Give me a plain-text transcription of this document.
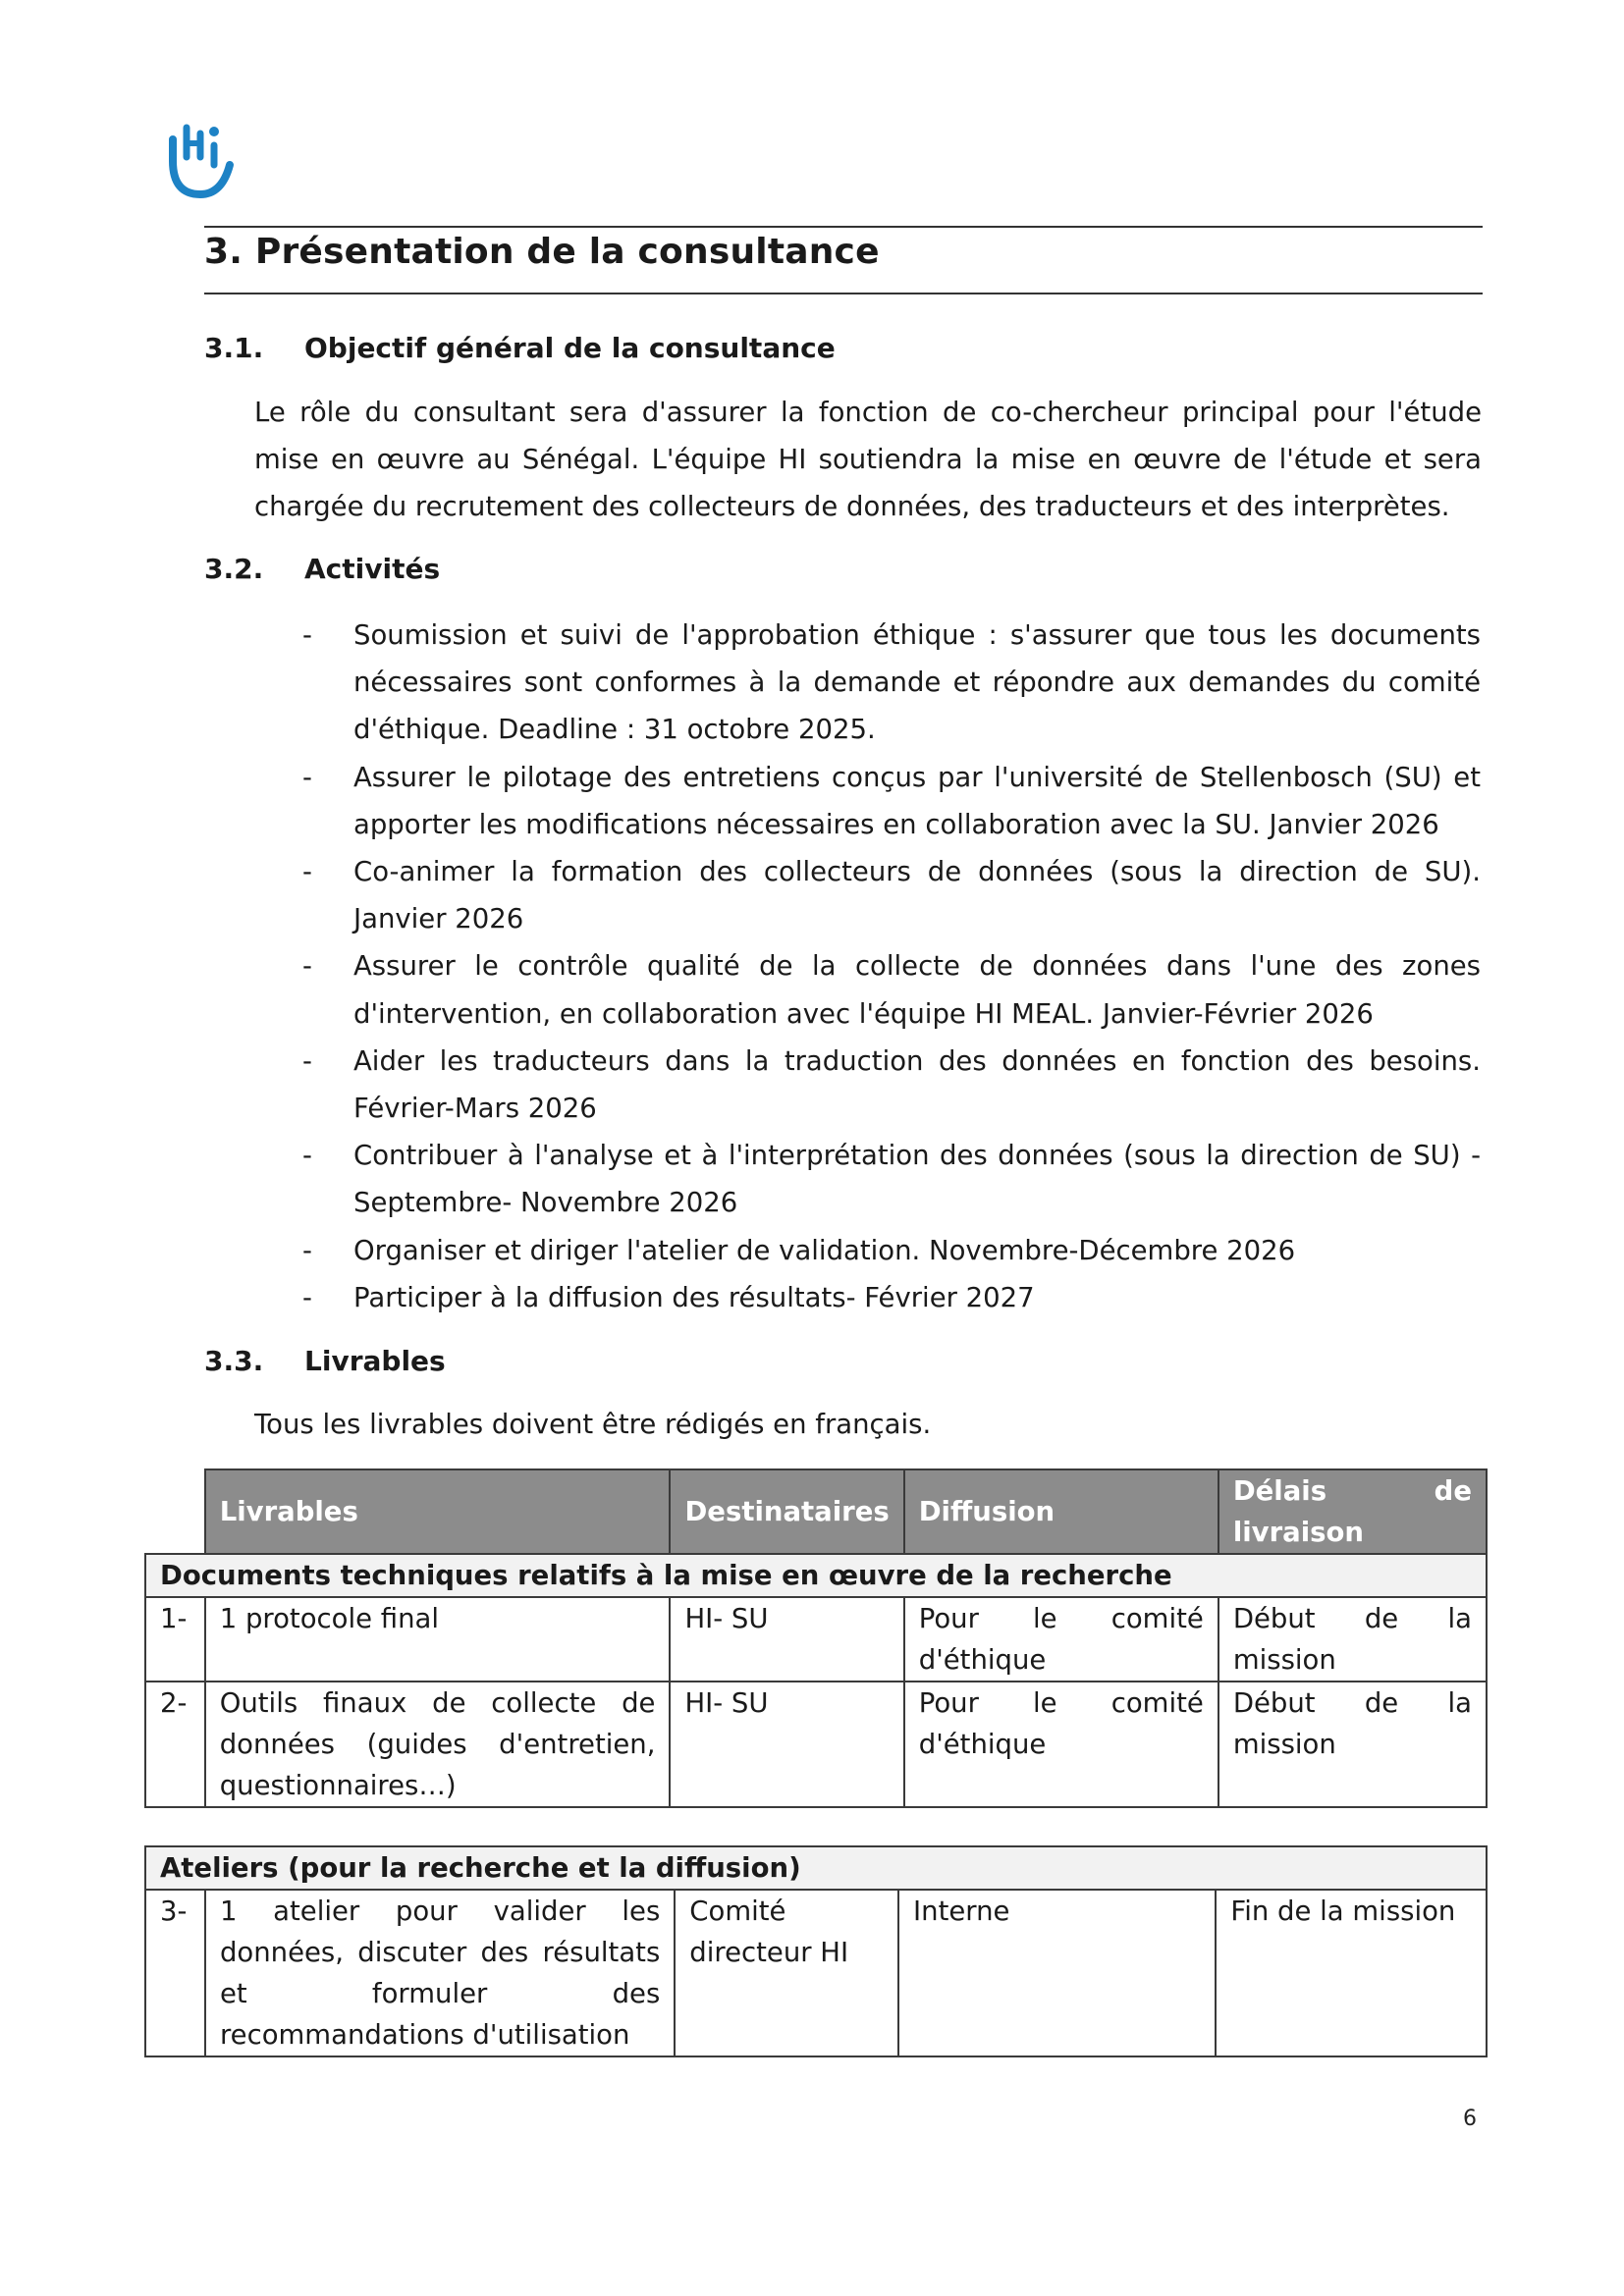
3. Présentation de la consultance
3.1. Objectif général de la consultance
Le rôle du consultant sera d'assurer la fonction de co-chercheur principal pour l'étude mise en œuvre au Sénégal. L'équipe HI soutiendra la mise en œuvre de l'étude et sera chargée du recrutement des collecteurs de données, des traducteurs et des interprètes.
3.2. Activités
- Soumission et suivi de l'approbation éthique : s'assurer que tous les documents nécessaires sont conformes à la demande et répondre aux demandes du comité d'éthique. Deadline : 31 octobre 2025.
- Assurer le pilotage des entretiens conçus par l'université de Stellenbosch (SU) et apporter les modifications nécessaires en collaboration avec la SU. Janvier 2026
- Co-animer la formation des collecteurs de données (sous la direction de SU). Janvier 2026
- Assurer le contrôle qualité de la collecte de données dans l'une des zones d'intervention, en collaboration avec l'équipe HI MEAL. Janvier-Février 2026
- Aider les traducteurs dans la traduction des données en fonction des besoins. Février-Mars 2026
- Contribuer à l'analyse et à l'interprétation des données (sous la direction de SU) - Septembre- Novembre 2026
- Organiser et diriger l'atelier de validation. Novembre-Décembre 2026
- Participer à la diffusion des résultats- Février 2027
3.3. Livrables
Tous les livrables doivent être rédigés en français.
	Livrables	Destinataires	Diffusion	Délais de livraison
Documents techniques relatifs à la mise en œuvre de la recherche				
1-	1 protocole final	HI- SU	Pour le comité d'éthique	Début de la mission
2-	Outils finaux de collecte de données (guides d'entretien, questionnaires…)	HI- SU	Pour le comité d'éthique	Début de la mission
Ateliers (pour la recherche et la diffusion)
3-	1 atelier pour valider les données, discuter des résultats et formuler des recommandations d'utilisation	Comité directeur HI	Interne	Fin de la mission
6
